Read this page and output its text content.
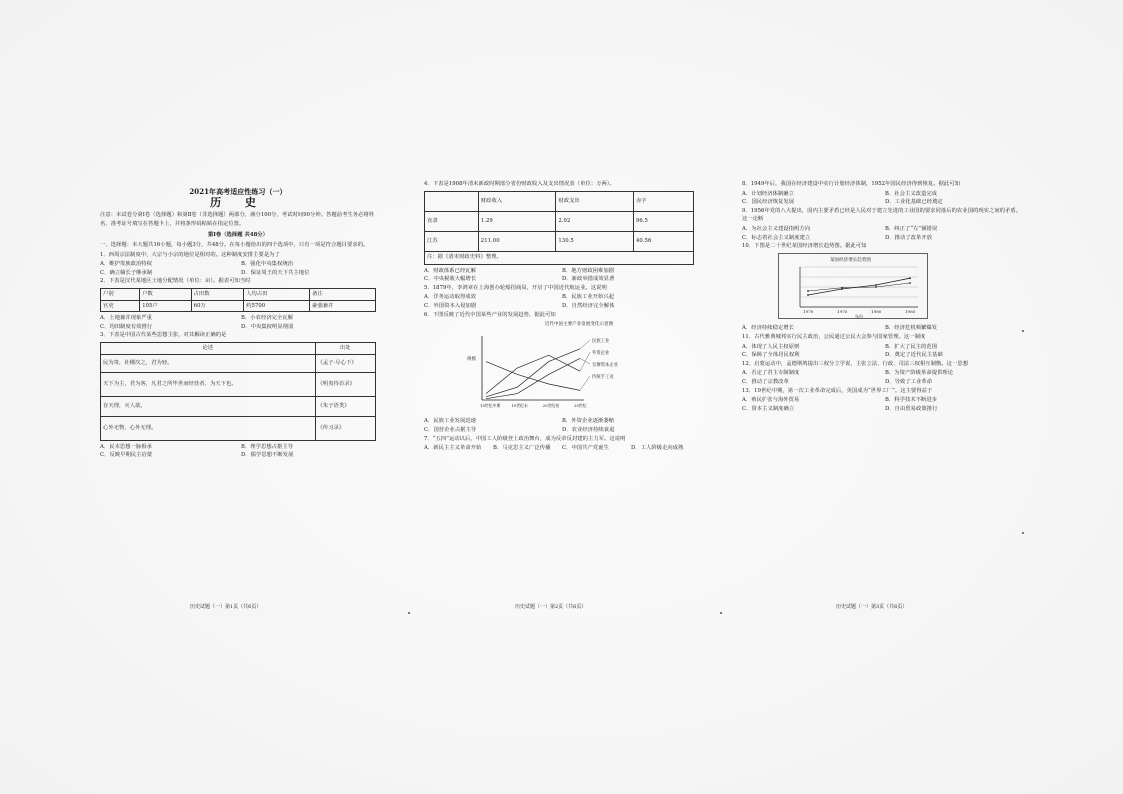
2021年高考适应性练习（一）
历 史

注意：本试卷分第Ⅰ卷（选择题）和第Ⅱ卷（非选择题）两部分，满分100分，考试时间90分钟。答题前考生务必将姓名、准考证号填写在答题卡上，并将条形码粘贴在指定位置。

第Ⅰ卷（选择题 共48分）

一、选择题：本大题共16小题，每小题3分，共48分。在每小题给出的四个选项中，只有一项是符合题目要求的。

1．西周宗法制度中，大宗与小宗的地位是相对的。这种制度安排主要是为了

A．维护贵族政治特权	B．强化中央集权统治
C．确立嫡长子继承制	D．保证周王的天下共主地位

2．下表是汉代某地区土地分配情况（单位：亩）。据表可知当时

户别	户数	占田数	人均占田	备注
官吏	105户	60万	约5700	豪强兼并
A．土地兼并现象严重	B．小农经济完全瓦解
C．均田制度有效推行	D．中央集权明显削弱

3．下表是中国古代某些思想主张，对其解读正确的是

论述	出处
民为贵，社稷次之，君为轻。	《孟子·尽心下》
天下为主，君为客，凡君之所毕世而经营者，为天下也。	《明夷待访录》
存天理，灭人欲。	《朱子语类》
心外无物，心外无理。	《传习录》
A．民本思想一脉相承	B．理学思想占据主导
C．反映早期民主启蒙	D．儒学思想不断发展
历史试题（一）第1页（共6页）

4．下表是1908年清末新政时期部分省份财政收入及支出情况表（单位：万两）。

	财政收入	财政支出	赤字
直隶	1.29	2.92	96.5
江苏	211.00	130.5	40.56
注：据《清末财政史料》整理。			
A．财政体系已经瓦解	B．地方财政困难加剧
C．中央税收大幅增长	D．新政举措成效显著

5．1879年，李鸿章在上海创办轮船招商局，开启了中国近代航运业。这说明

A．洋务运动取得成效	B．民族工业开始兴起
C．外国资本入侵加剧	D．自然经济完全解体

6．下图反映了近代中国某些产业的发展趋势，据此可知

近代中国主要产业发展变化示意图
规模
19世纪中期	19世纪末	20世纪初	20世纪
民族工业
外资企业
官僚资本企业
传统手工业
A．民族工业发展迅速	B．外资企业逐渐萎缩
C．国营企业占据主导	D．农业经济持续衰退

7．“五四”运动以后，中国工人阶级登上政治舞台，成为反帝反封建的主力军。这说明

A．新民主主义革命开始	B．马克思主义广泛传播	C．中国共产党诞生	D．工人阶级走向成熟
历史试题（一）第2页（共6页）

8．1949年后，我国在经济建设中实行计划经济体制，1952年国民经济得到恢复。据此可知

A．计划经济体制确立	B．社会主义改造完成
C．国民经济恢复发展	D．工业化基础已经奠定

9．1956年党的八大提出，国内主要矛盾已经是人民对于建立先进的工业国的要求同落后的农业国的现实之间的矛盾。这一论断

A．为社会主义建设指明方向	B．纠正了“左”倾错误
C．标志着社会主义制度建立	D．推动了改革开放

10．下图是二十世纪某国经济增长趋势图。据此可知

某国经济增长趋势图
1970	1975	1980	1985
年份
A．经济持续稳定增长	B．经济危机频繁爆发

11．古代雅典城邦实行民主政治，公民通过公民大会参与国家管理。这一制度

A．体现了人民主权原则	B．扩大了民主的范围
C．保障了全体居民权利	D．奠定了近代民主基础

12．启蒙运动中，孟德斯鸠提出三权分立学说，主张立法、行政、司法三权相互制衡。这一思想

A．否定了君主专制制度	B．为资产阶级革命提供理论
C．推动了宗教改革	D．导致了工业革命

13．19世纪中期，第一次工业革命完成后，英国成为“世界工厂”。这主要得益于

A．殖民扩张与海外贸易	B．科学技术不断进步
C．资本主义制度确立	D．自由贸易政策推行
历史试题（一）第3页（共6页）
